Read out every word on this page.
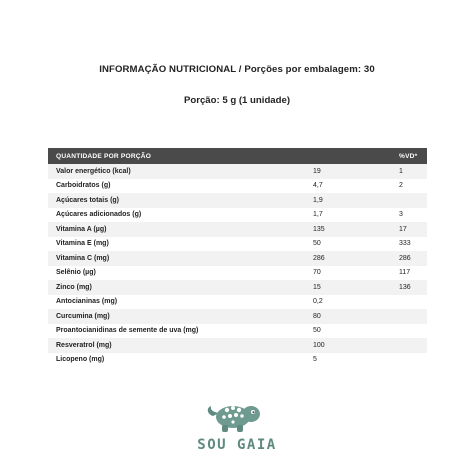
INFORMAÇÃO NUTRICIONAL / Porções por embalagem: 30
Porção: 5 g (1 unidade)
QUANTIDADE POR PORÇÃO		%VD*
Valor energético (kcal)	19	1
Carboidratos (g)	4,7	2
Açúcares totais (g)	1,9	
Açúcares adicionados (g)	1,7	3
Vitamina A (µg)	135	17
Vitamina E (mg)	50	333
Vitamina C (mg)	286	286
Selênio (µg)	70	117
Zinco (mg)	15	136
Antocianinas (mg)	0,2	
Curcumina (mg)	80	
Proantocianidinas de semente de uva (mg)	50	
Resveratrol (mg)	100	
Licopeno (mg)	5	
SOU GAIA
